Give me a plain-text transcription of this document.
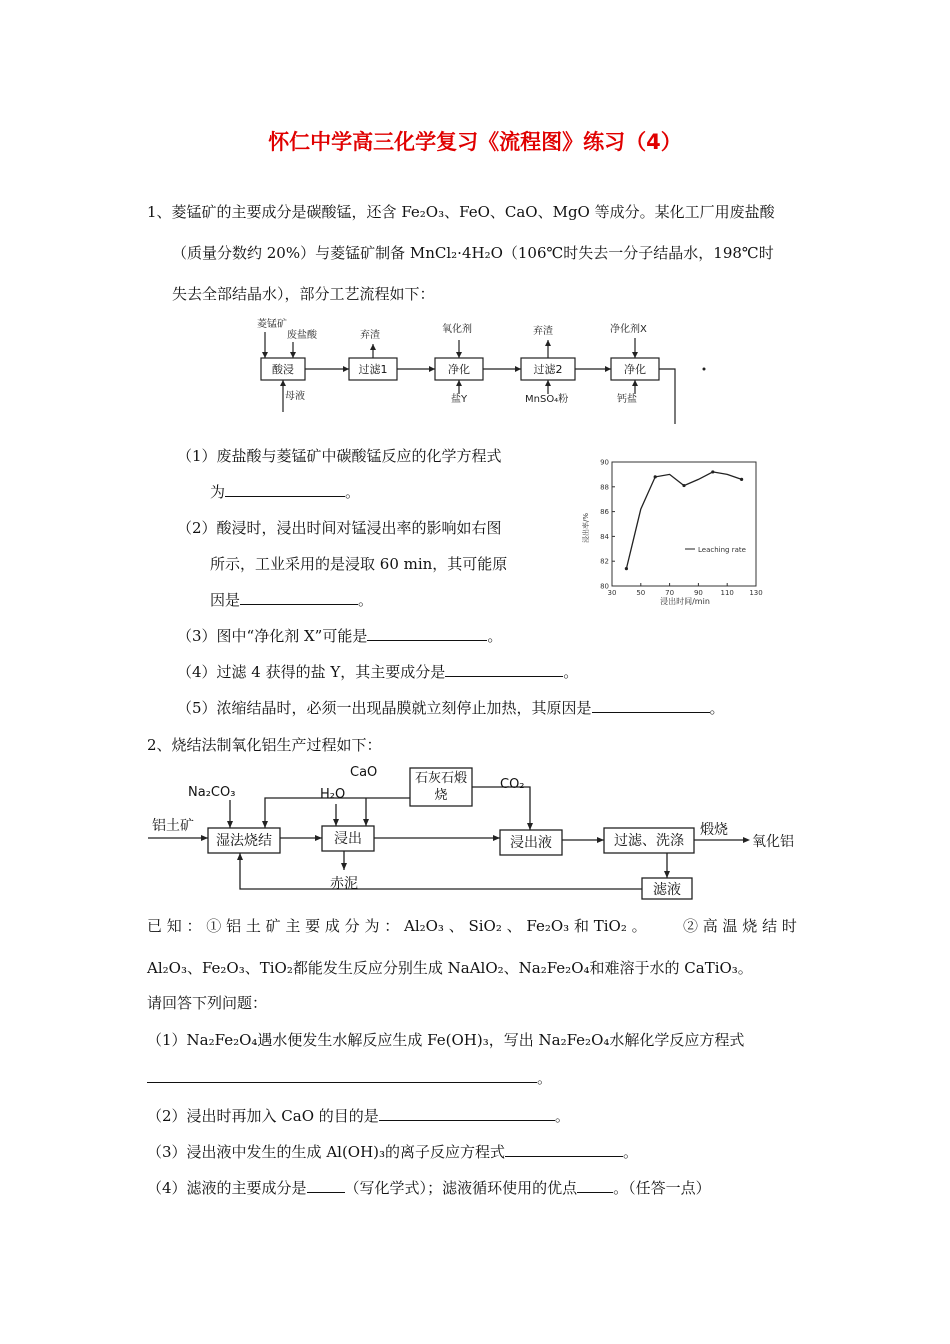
怀仁中学高三化学复习《流程图》练习（4）
1、菱锰矿的主要成分是碳酸锰，还含 Fe₂O₃、FeO、CaO、MgO 等成分。某化工厂用废盐酸
（质量分数约 20%）与菱锰矿制备 MnCl₂·4H₂O（106℃时失去一分子结晶水，198℃时
失去全部结晶水），部分工艺流程如下：
菱锰矿
废盐酸	弃渣
氧化剂	弃渣	净化剂X
母液	盐Y	MnSO₄粉	钙盐
酸浸	过滤1	净化	过滤2	净化
（1）废盐酸与菱锰矿中碳酸锰反应的化学方程式
为	。
（2）酸浸时，浸出时间对锰浸出率的影响如右图
所示，工业采用的是浸取 60 min，其可能原
因是	。
（3）图中“净化剂 X”可能是	。
（4）过滤 4 获得的盐 Y，其主要成分是	。
（5）浓缩结晶时，必须一出现晶膜就立刻停止加热，其原因是	。
30	50	70	90	110 130
80
82
84
86
88
90
Leaching rate
浸出时间/min
浸出率/%
2、烧结法制氧化铝生产过程如下：
铝土矿
Na₂CO₃
CaO
H₂O
CO₂
赤泥
煅烧
氧化铝
湿法烧结	浸出	浸出液	过滤、洗涤
滤液
石灰石煅烧
已 知 ： ① 铝 土 矿 主 要 成 分 为 ： Al₂O₃ 、 SiO₂ 、 Fe₂O₃ 和 TiO₂ 。 ② 高 温 烧 结 时
Al₂O₃、Fe₂O₃、TiO₂都能发生反应分别生成 NaAlO₂、Na₂Fe₂O₄和难溶于水的 CaTiO₃。
请回答下列问题：
（1）Na₂Fe₂O₄遇水便发生水解反应生成 Fe(OH)₃，写出 Na₂Fe₂O₄水解化学反应方程式
。
（2）浸出时再加入 CaO 的目的是	。
（3）浸出液中发生的生成 Al(OH)₃的离子反应方程式	。
（4）滤液的主要成分是	（写化学式）；滤液循环使用的优点 。（任答一点）
